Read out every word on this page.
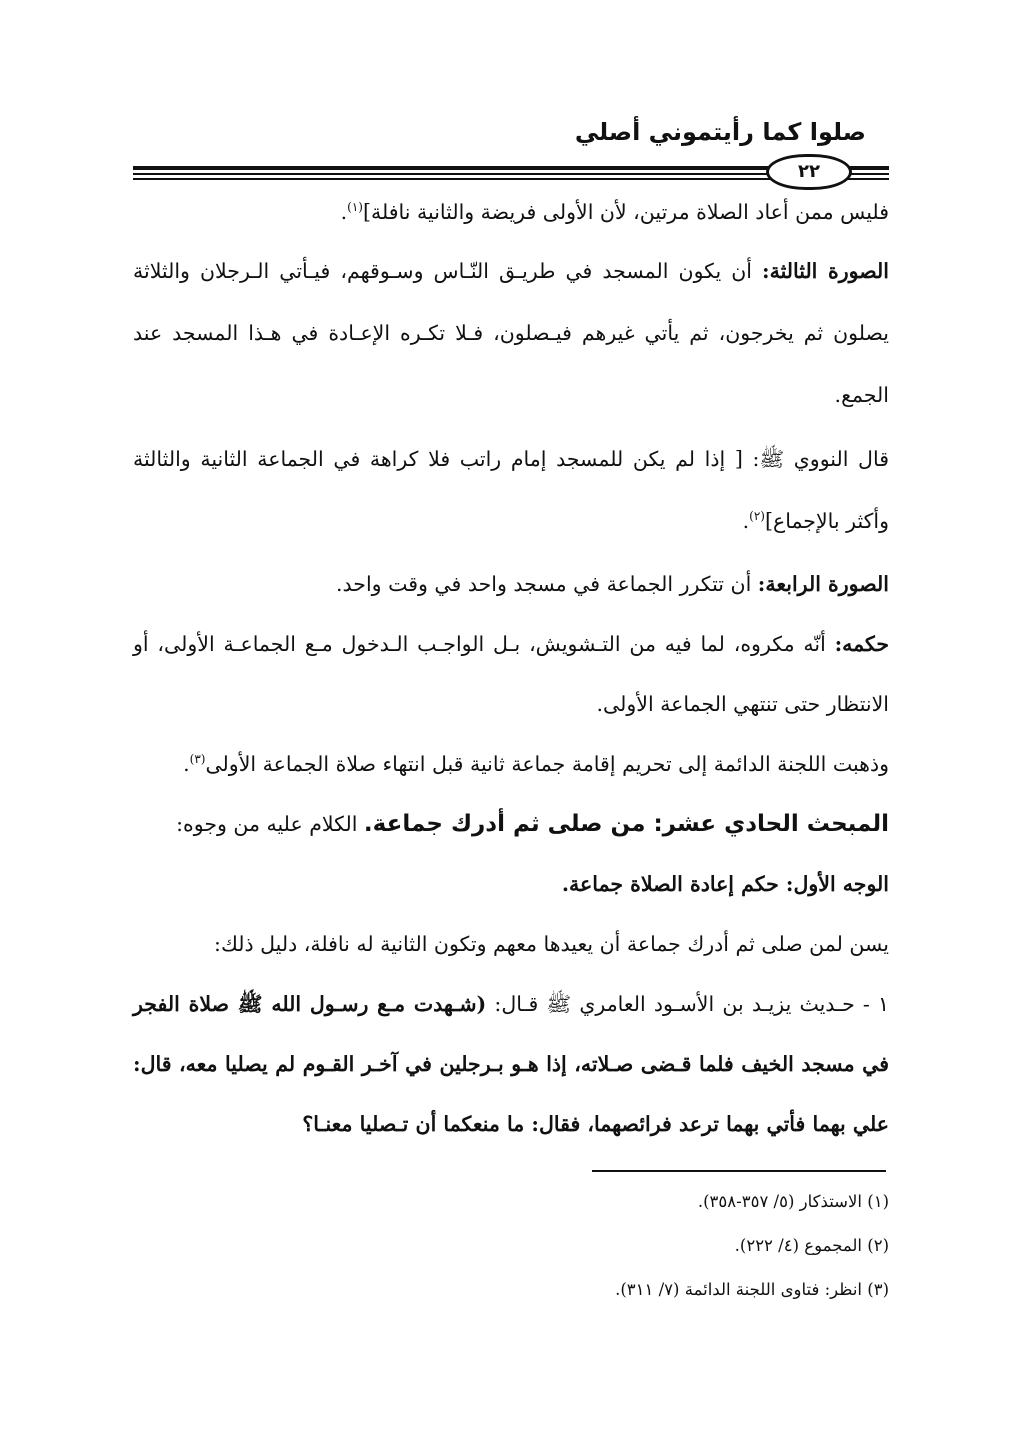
صلوا كما رأيتموني أصلي
٢٢

فليس ممن أعاد الصلاة مرتين، لأن الأولى فريضة والثانية نافلة]$^{(١)}$.

الصورة الثالثة: أن يكون المسجد في طريـق النّـاس وسـوقهم، فيـأتي الـرجلان والثلاثة يصلون ثم يخرجون، ثم يأتي غيرهم فيـصلون، فـلا تكـره الإعـادة في هـذا المسجد عند الجمع.

قال النووي ﷺ: [ إذا لم يكن للمسجد إمام راتب فلا كراهة في الجماعة الثانية والثالثة وأكثر بالإجماع]$^{(٢)}$.

الصورة الرابعة: أن تتكرر الجماعة في مسجد واحد في وقت واحد.

حكمه: أنّه مكروه، لما فيه من التـشويش، بـل الواجـب الـدخول مـع الجماعـة الأولى، أو الانتظار حتى تنتهي الجماعة الأولى.

وذهبت اللجنة الدائمة إلى تحريم إقامة جماعة ثانية قبل انتهاء صلاة الجماعة الأولى$^{(٣)}$.

المبحث الحادي عشر: من صلى ثم أدرك جماعة. الكلام عليه من وجوه:

الوجه الأول: حكم إعادة الصلاة جماعة.

يسن لمن صلى ثم أدرك جماعة أن يعيدها معهم وتكون الثانية له نافلة، دليل ذلك:

١ - حـديث يزيـد بن الأسـود العامري ﷺ قـال: (شـهدت مـع رسـول الله ﷺ صلاة الفجر في مسجد الخيف فلما قـضى صـلاته، إذا هـو بـرجلين في آخـر القـوم لم يصليا معه، قال: علي بهما فأتي بهما ترعد فرائصهما، فقال: ما منعكما أن تـصليا معنـا؟

(١) الاستذكار (٥/ ٣٥٧-٣٥٨).

(٢) المجموع (٤/ ٢٢٢).

(٣) انظر: فتاوى اللجنة الدائمة (٧/ ٣١١).
